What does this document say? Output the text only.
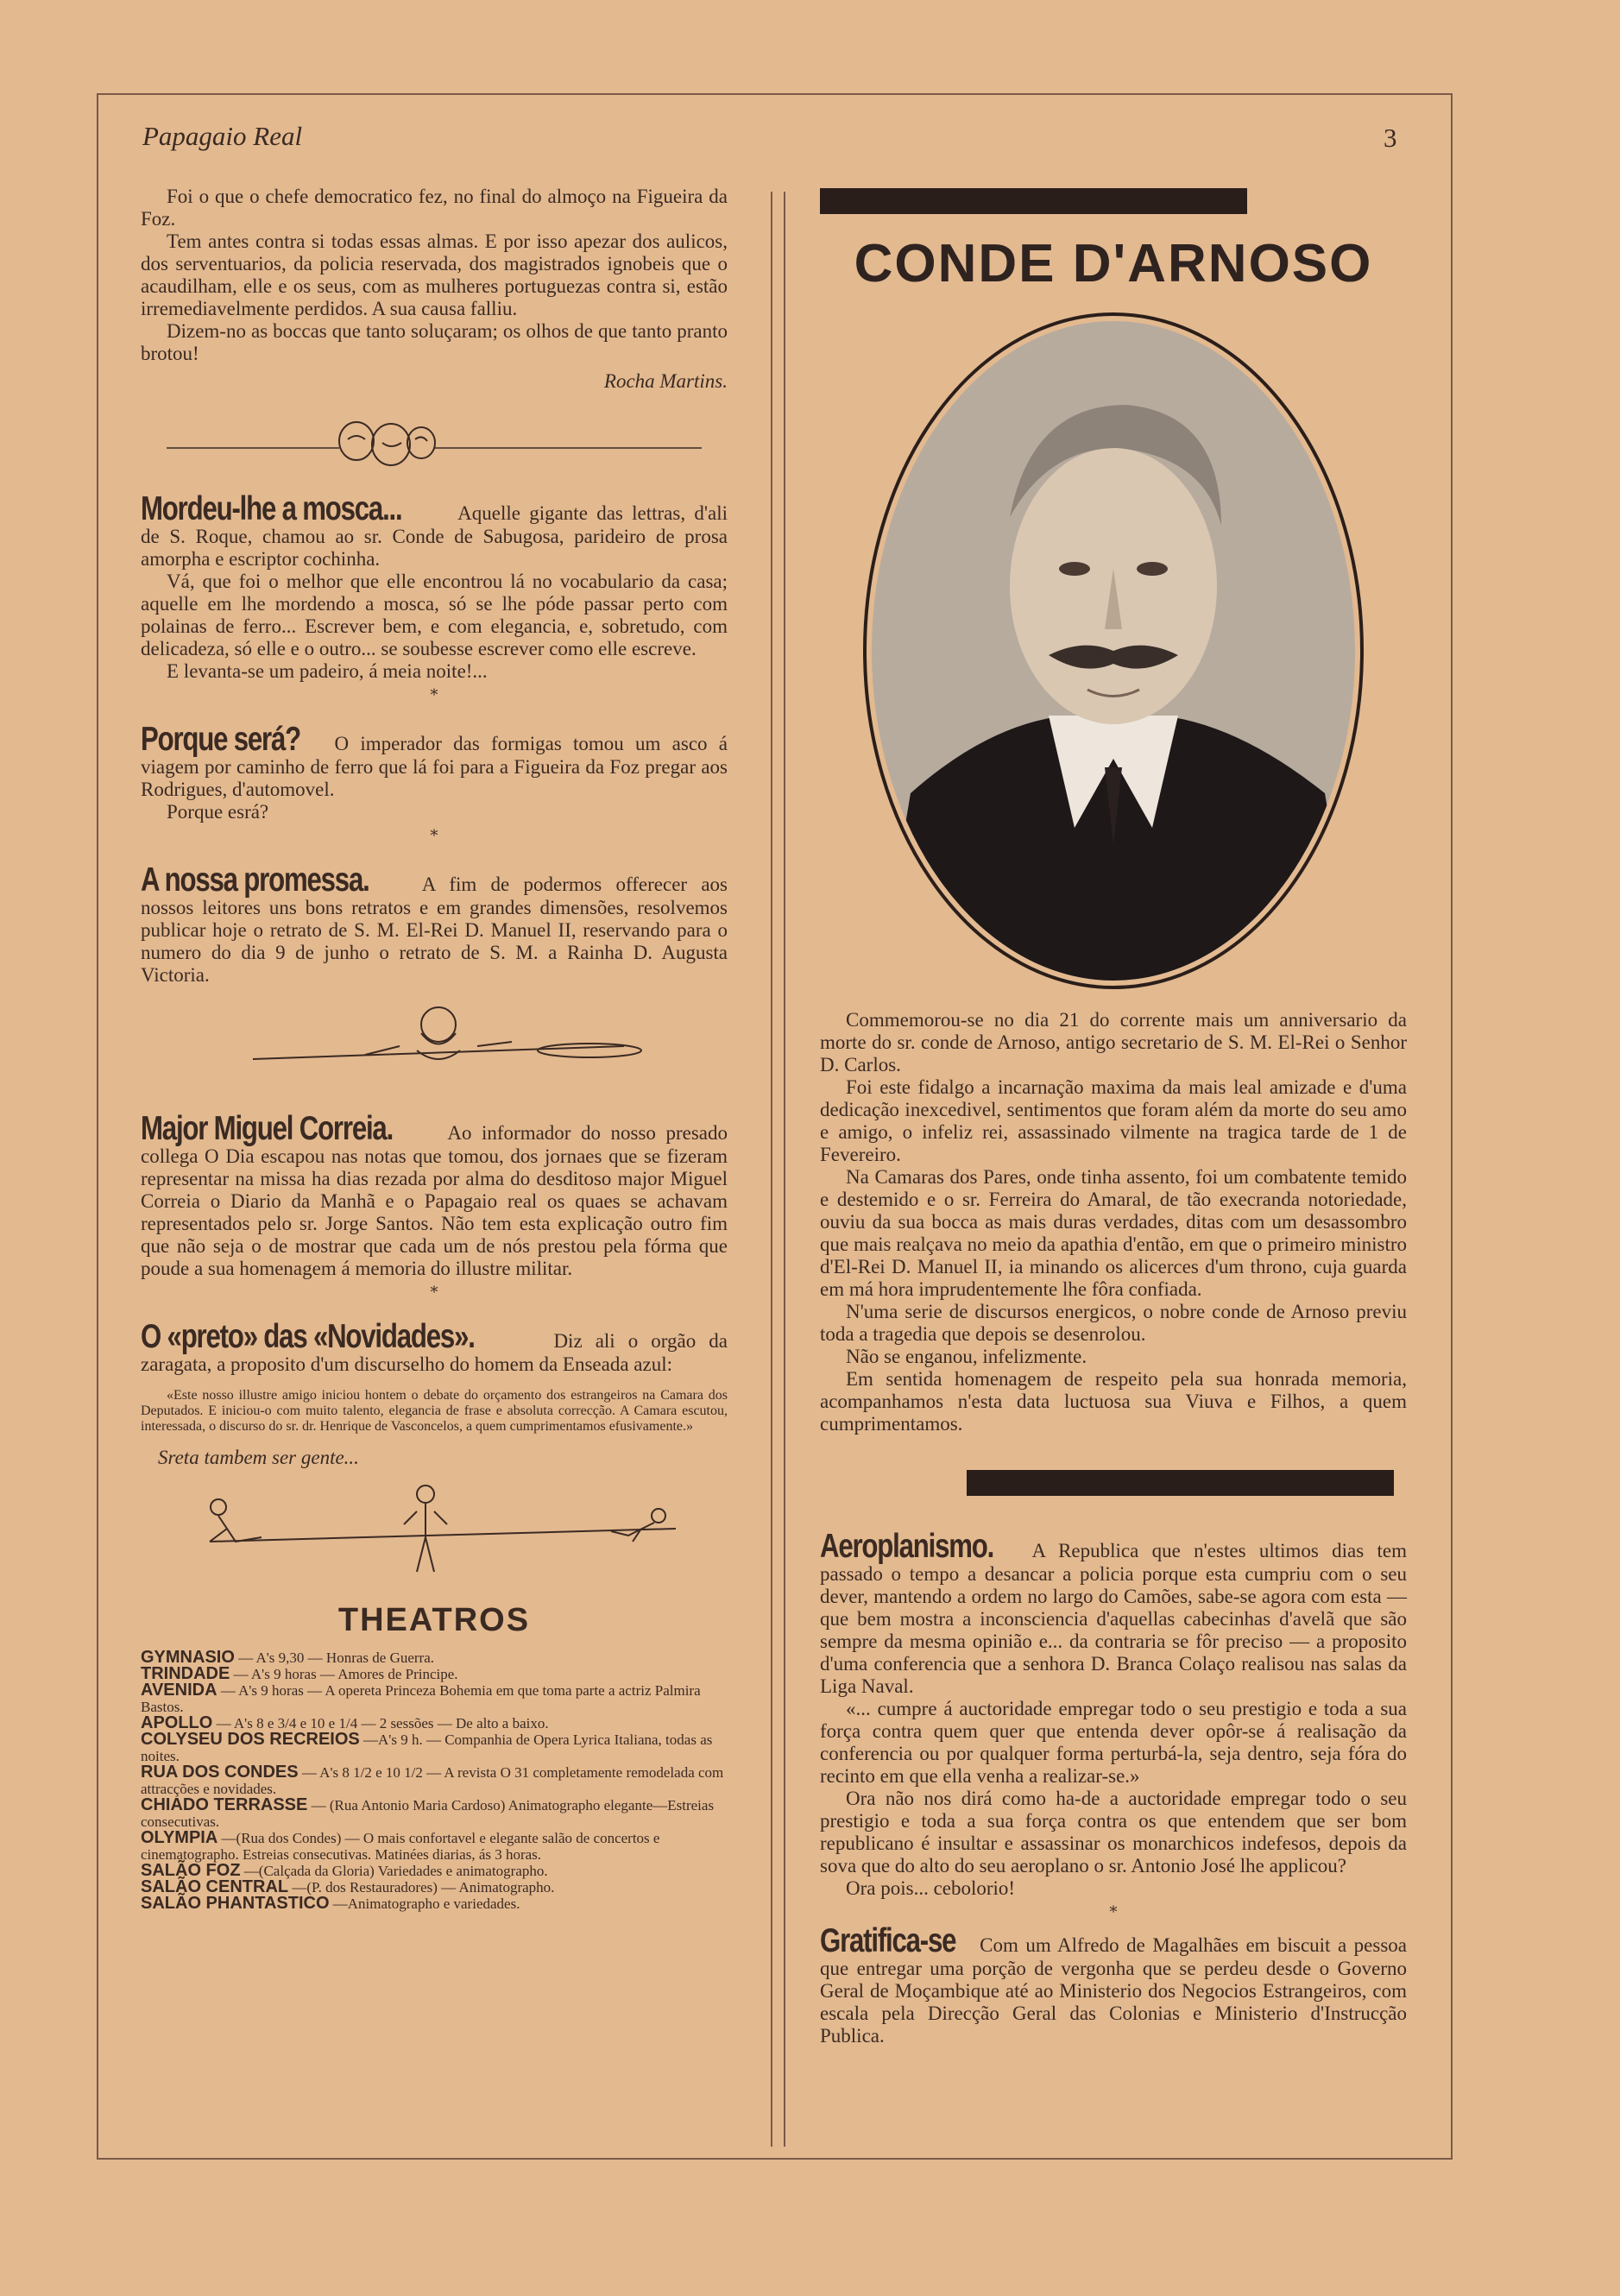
Papagaio Real	3

Foi o que o chefe democratico fez, no final do almoço na Figueira da Foz.

Tem antes contra si todas essas almas. E por isso apezar dos aulicos, dos serventuarios, da policia reservada, dos magistrados ignobeis que o acaudilham, elle e os seus, com as mulheres portuguezas contra si, estão irremediavelmente perdidos. A sua causa falliu.

Dizem-no as boccas que tanto soluçaram; os olhos de que tanto pranto brotou!

Rocha Martins.

Mordeu-lhe a mosca...	Aquelle gigante das lettras, d'ali de S. Roque, chamou ao sr. Conde de Sabugosa, parideiro de prosa amorpha e escriptor cochinha.

Vá, que foi o melhor que elle encontrou lá no vocabulario da casa; aquelle em lhe mordendo a mosca, só se lhe póde passar perto com polainas de ferro... Escrever bem, e com elegancia, e, sobretudo, com delicadeza, só elle e o outro... se soubesse escrever como elle escreve.

E levanta-se um padeiro, á meia noite!...

*

Porque será? O imperador das formigas tomou um asco á viagem por caminho de ferro que lá foi para a Figueira da Foz pregar aos Rodrigues, d'automovel.

Porque esrá?

*

A nossa promessa.	A fim de podermos offerecer aos nossos leitores uns bons retratos e em grandes dimensões, resolvemos publicar hoje o retrato de S. M. El-Rei D. Manuel II, reservando para o numero do dia 9 de junho o retrato de S. M. a Rainha D. Augusta Victoria.

Major Miguel Correia.	Ao informador do nosso presado collega O Dia escapou nas notas que tomou, dos jornaes que se fizeram representar na missa ha dias rezada por alma do desditoso major Miguel Correia o Diario da Manhã e o Papagaio real os quaes se achavam representados pelo sr. Jorge Santos. Não tem esta explicação outro fim que não seja o de mostrar que cada um de nós prestou pela fórma que poude a sua homenagem á memoria do illustre militar.

*

O «preto» das «Novidades».	Diz ali o orgão da zaragata, a proposito d'um discurselho do homem da Enseada azul:

«Este nosso illustre amigo iniciou hontem o debate do orçamento dos estrangeiros na Camara dos Deputados. E iniciou-o com muito talento, elegancia de frase e absoluta correcção. A Camara escutou, interessada, o discurso do sr. dr. Henrique de Vasconcelos, a quem cumprimentamos efusivamente.»

Sreta tambem ser gente...

THEATROS

GYMNASIO — A's 9,30 — Honras de Guerra.

TRINDADE — A's 9 horas — Amores de Principe.

AVENIDA — A's 9 horas — A opereta Princeza Bohemia em que toma parte a actriz Palmira Bastos.

APOLLO — A's 8 e 3/4 e 10 e 1/4 — 2 sessões — De alto a baixo.

COLYSEU DOS RECREIOS —A's 9 h. — Companhia de Opera Lyrica Italiana, todas as noites.

RUA DOS CONDES — A's 8 1/2 e 10 1/2 — A revista O 31 completamente remodelada com attracções e novidades.

CHIADO TERRASSE — (Rua Antonio Maria Cardoso) Animatographo elegante—Estreias consecutivas.

OLYMPIA —(Rua dos Condes) — O mais confortavel e elegante salão de concertos e cinematographo. Estreias consecutivas. Matinées diarias, ás 3 horas.

SALÃO FOZ —(Calçada da Gloria) Variedades e animatographo.

SALÃO CENTRAL —(P. dos Restauradores) — Animatographo.

SALÃO PHANTASTICO —Animatographo e variedades.

CONDE D'ARNOSO

Commemorou-se no dia 21 do corrente mais um anniversario da morte do sr. conde de Arnoso, antigo secretario de S. M. El-Rei o Senhor D. Carlos.

Foi este fidalgo a incarnação maxima da mais leal amizade e d'uma dedicação inexcedivel, sentimentos que foram além da morte do seu amo e amigo, o infeliz rei, assassinado vilmente na tragica tarde de 1 de Fevereiro.

Na Camaras dos Pares, onde tinha assento, foi um combatente temido e destemido e o sr. Ferreira do Amaral, de tão execranda notoriedade, ouviu da sua bocca as mais duras verdades, ditas com um desassombro que mais realçava no meio da apathia d'então, em que o primeiro ministro d'El-Rei D. Manuel II, ia minando os alicerces d'um throno, cuja guarda em má hora imprudentemente lhe fôra confiada.

N'uma serie de discursos energicos, o nobre conde de Arnoso previu toda a tragedia que depois se desenrolou.

Não se enganou, infelizmente.

Em sentida homenagem de respeito pela sua honrada memoria, acompanhamos n'esta data luctuosa sua Viuva e Filhos, a quem cumprimentamos.

Aeroplanismo. A Republica que n'estes ultimos dias tem passado o tempo a desancar a policia porque esta cumpriu com o seu dever, mantendo a ordem no largo do Camões, sabe-se agora com esta — que bem mostra a inconsciencia d'aquellas cabecinhas d'avelã que são sempre da mesma opinião e... da contraria se fôr preciso — a proposito d'uma conferencia que a senhora D. Branca Colaço realisou nas salas da Liga Naval.

«... cumpre á auctoridade empregar todo o seu prestigio e toda a sua força contra quem quer que entenda dever opôr-se á realisação da conferencia ou por qualquer forma perturbá-la, seja dentro, seja fóra do recinto em que ella venha a realizar-se.»

Ora não nos dirá como ha-de a auctoridade empregar todo o seu prestigio e toda a sua força contra os que entendem que ser bom republicano é insultar e assassinar os monarchicos indefesos, depois da sova que do alto do seu aeroplano o sr. Antonio José lhe applicou?

Ora pois... cebolorio!

*

Gratifica-se Com um Alfredo de Magalhães em biscuit a pessoa que entregar uma porção de vergonha que se perdeu desde o Governo Geral de Moçambique até ao Ministerio dos Negocios Estrangeiros, com escala pela Direcção Geral das Colonias e Ministerio d'Instrucção Publica.
